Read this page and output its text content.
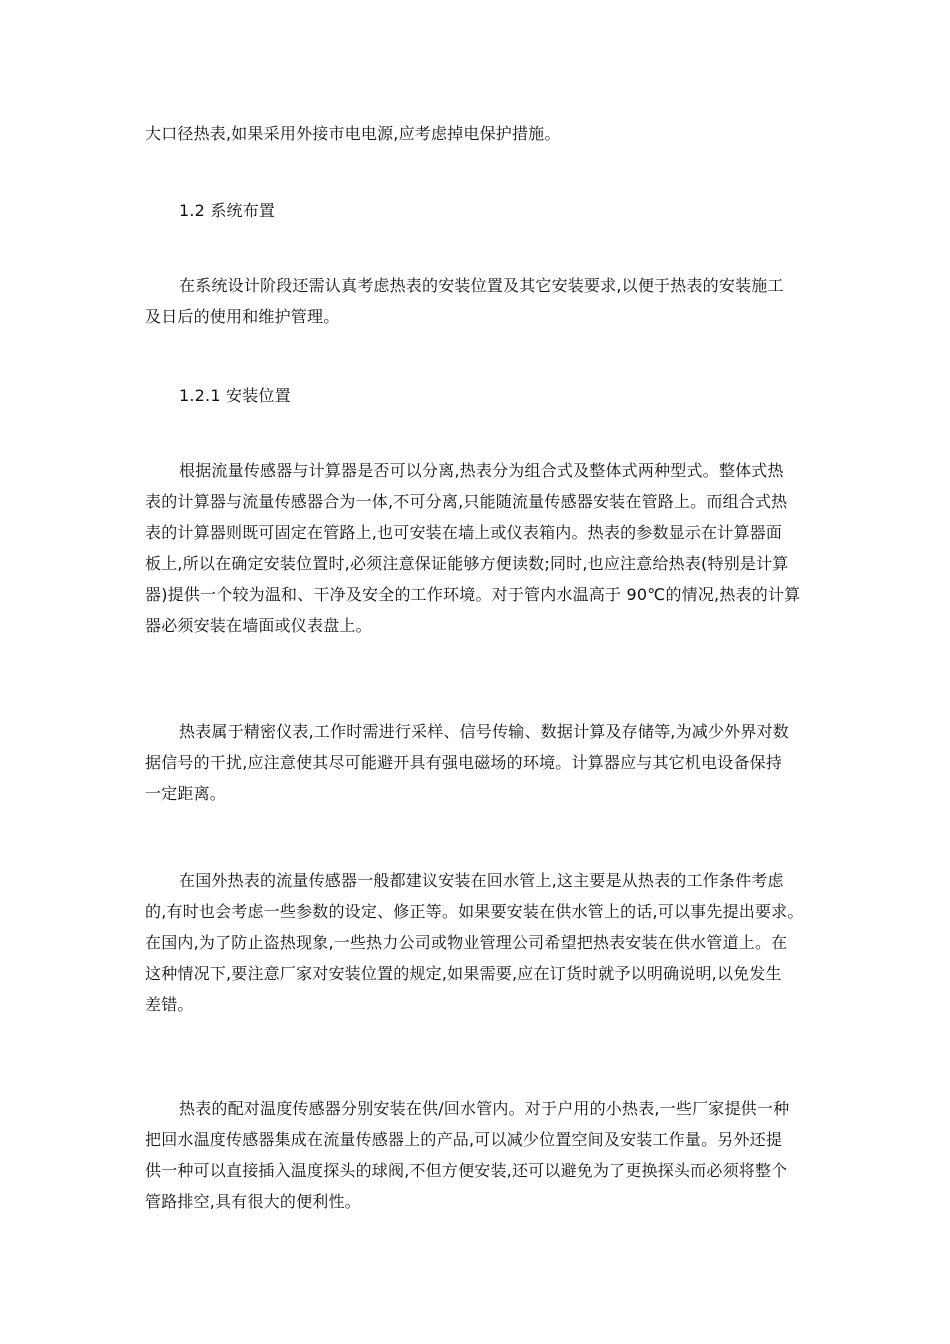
大口径热表,如果采用外接市电电源,应考虑掉电保护措施。
1.2 系统布置
在系统设计阶段还需认真考虑热表的安装位置及其它安装要求,以便于热表的安装施工
及日后的使用和维护管理。
1.2.1 安装位置
根据流量传感器与计算器是否可以分离,热表分为组合式及整体式两种型式。整体式热
表的计算器与流量传感器合为一体,不可分离,只能随流量传感器安装在管路上。而组合式热
表的计算器则既可固定在管路上,也可安装在墙上或仪表箱内。热表的参数显示在计算器面
板上,所以在确定安装位置时,必须注意保证能够方便读数;同时,也应注意给热表(特别是计算
器)提供一个较为温和、干净及安全的工作环境。对于管内水温高于 90℃的情况,热表的计算
器必须安装在墙面或仪表盘上。
热表属于精密仪表,工作时需进行采样、信号传输、数据计算及存储等,为减少外界对数
据信号的干扰,应注意使其尽可能避开具有强电磁场的环境。计算器应与其它机电设备保持
一定距离。
在国外热表的流量传感器一般都建议安装在回水管上,这主要是从热表的工作条件考虑
的,有时也会考虑一些参数的设定、修正等。如果要安装在供水管上的话,可以事先提出要求。
在国内,为了防止盗热现象,一些热力公司或物业管理公司希望把热表安装在供水管道上。在
这种情况下,要注意厂家对安装位置的规定,如果需要,应在订货时就予以明确说明,以免发生
差错。
热表的配对温度传感器分别安装在供/回水管内。对于户用的小热表,一些厂家提供一种
把回水温度传感器集成在流量传感器上的产品,可以减少位置空间及安装工作量。另外还提
供一种可以直接插入温度探头的球阀,不但方便安装,还可以避免为了更换探头而必须将整个
管路排空,具有很大的便利性。
